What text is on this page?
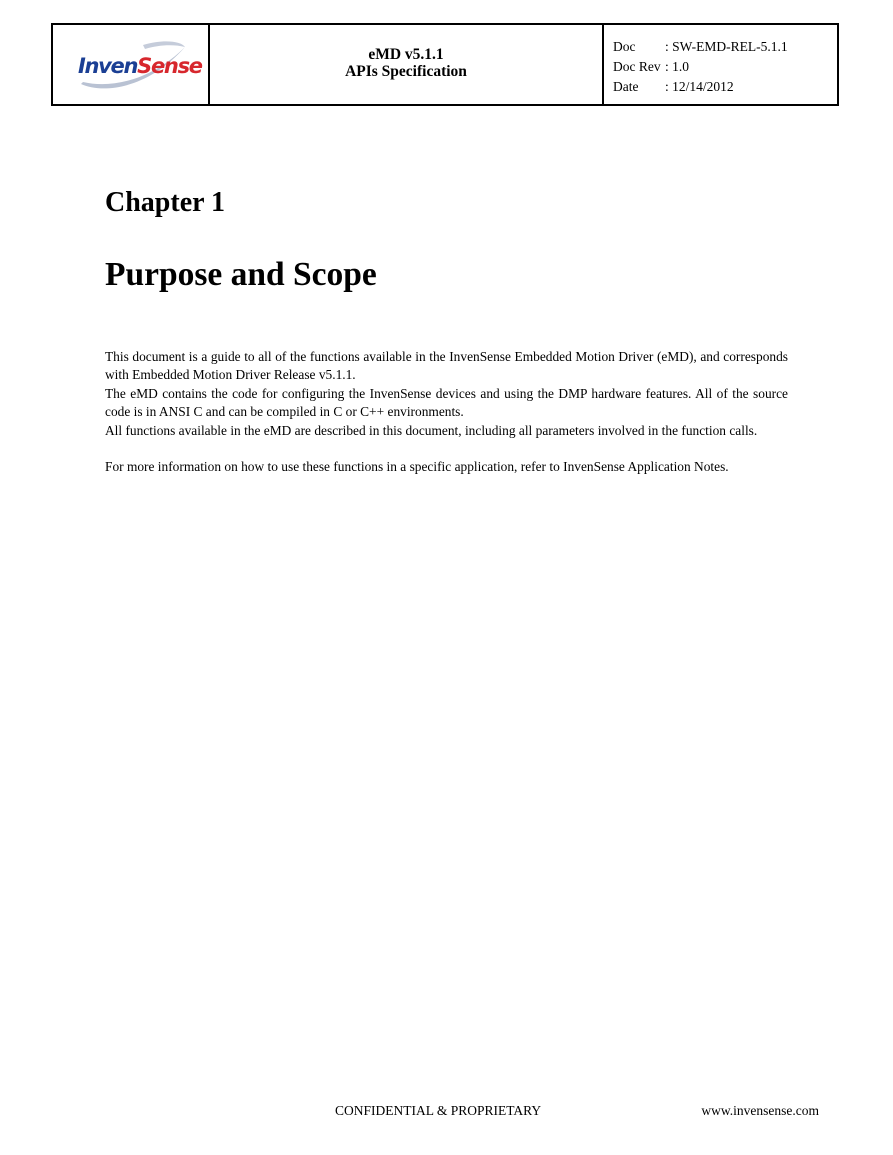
InvenSense	eMD v5.1.1
APIs Specification
Doc	: SW-EMD-REL-5.1.1
Doc Rev : 1.0
Date	: 12/14/2012
Chapter 1
Purpose and Scope

This document is a guide to all of the functions available in the InvenSense Embedded Motion Driver (eMD), and corresponds with Embedded Motion Driver Release v5.1.1.

The eMD contains the code for configuring the InvenSense devices and using the DMP hardware features. All of the source code is in ANSI C and can be compiled in C or C++ environments.

All functions available in the eMD are described in this document, including all parameters involved in the function calls.

For more information on how to use these functions in a specific application, refer to InvenSense Application Notes.

CONFIDENTIAL & PROPRIETARY	www.invensense.com
